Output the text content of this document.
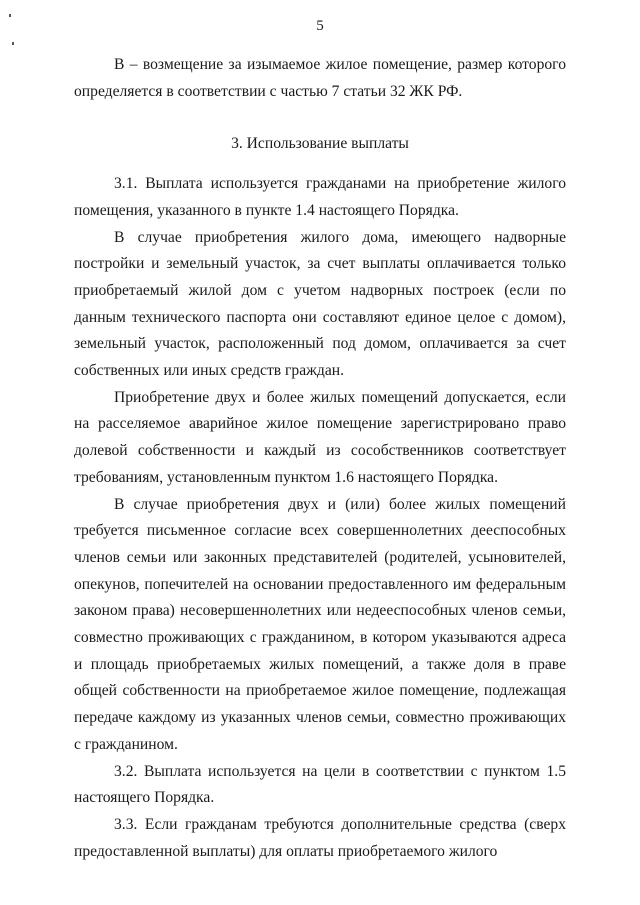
5

В – возмещение за изымаемое жилое помещение, размер которого определяется в соответствии с частью 7 статьи 32 ЖК РФ.

3. Использование выплаты

3.1. Выплата используется гражданами на приобретение жилого помещения, указанного в пункте 1.4 настоящего Порядка.

В случае приобретения жилого дома, имеющего надворные постройки и земельный участок, за счет выплаты оплачивается только приобретаемый жилой дом с учетом надворных построек (если по данным технического паспорта они составляют единое целое с домом), земельный участок, расположенный под домом, оплачивается за счет собственных или иных средств граждан.

Приобретение двух и более жилых помещений допускается, если на расселяемое аварийное жилое помещение зарегистрировано право долевой собственности и каждый из сособственников соответствует требованиям, установленным пунктом 1.6 настоящего Порядка.

В случае приобретения двух и (или) более жилых помещений требуется письменное согласие всех совершеннолетних дееспособных членов семьи или законных представителей (родителей, усыновителей, опекунов, попечителей на основании предоставленного им федеральным законом права) несовершеннолетних или недееспособных членов семьи, совместно проживающих с гражданином, в котором указываются адреса и площадь приобретаемых жилых помещений, а также доля в праве общей собственности на приобретаемое жилое помещение, подлежащая передаче каждому из указанных членов семьи, совместно проживающих с гражданином.

3.2. Выплата используется на цели в соответствии с пунктом 1.5 настоящего Порядка.

3.3. Если гражданам требуются дополнительные средства (сверх предоставленной выплаты) для оплаты приобретаемого жилого
